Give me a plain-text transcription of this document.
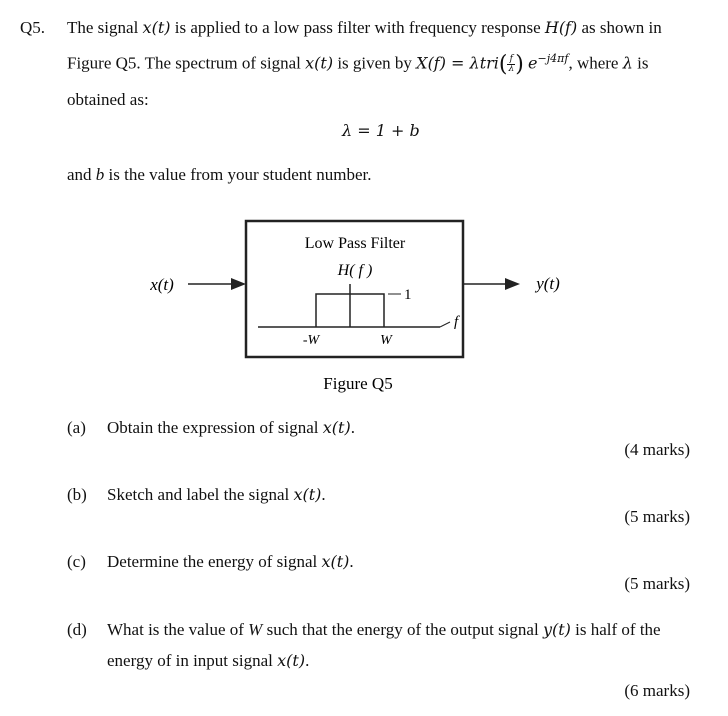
Q5. The signal x(t) is applied to a low pass filter with frequency response H(f) as shown in
Figure Q5. The spectrum of signal x(t) is given by $X(f) = \lambda tri( \frac{f}{\lambda}$ ) $e^{-j4\pi f}$, where λ is
obtained as:
λ = 1 + b
and b is the value from your student number.
Low Pass Filter
H( f )
x(t)	y(t)
f
1
-W	W
Figure Q5
(a) Obtain the expression of signal x(t).
(4 marks)
(b) Sketch and label the signal x(t).
(5 marks)
(c) Determine the energy of signal x(t).
(5 marks)
(d) What is the value of W such that the energy of the output signal y(t) is half of the
energy of in input signal x(t).
(6 marks)
